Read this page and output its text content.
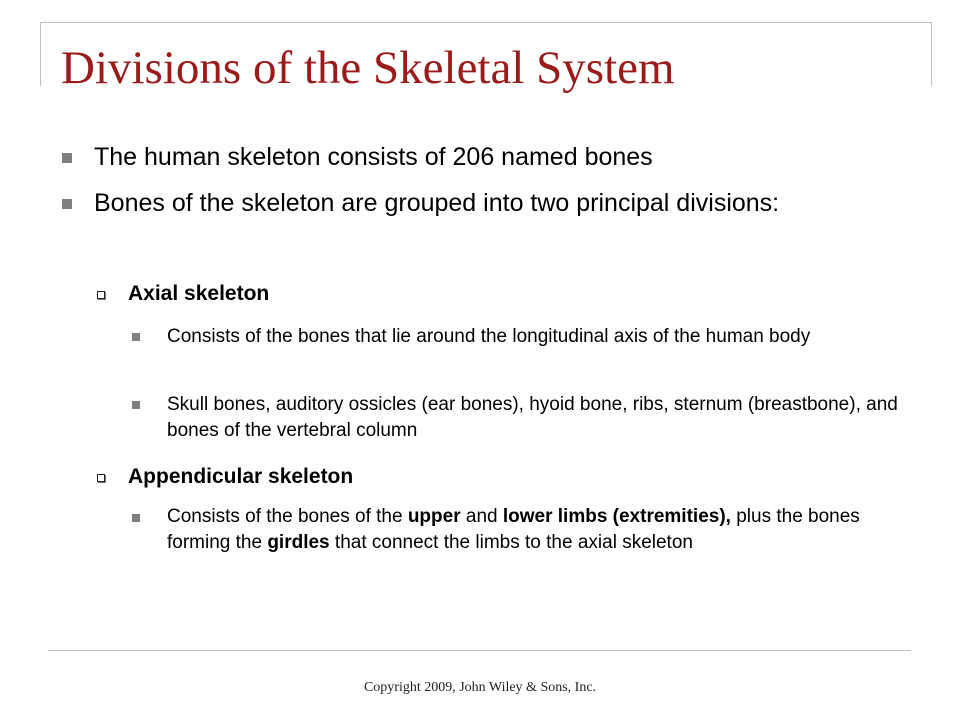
Divisions of the Skeletal System

The human skeleton consists of 206 named bones

Bones of the skeleton are grouped into two principal divisions:

Axial skeleton

Consists of the bones that lie around the longitudinal axis of the human body

Skull bones, auditory ossicles (ear bones), hyoid bone, ribs, sternum (breastbone), and bones of the vertebral column

Appendicular skeleton

Consists of the bones of the upper and lower limbs (extremities), plus the bones forming the girdles that connect the limbs to the axial skeleton

Copyright 2009, John Wiley & Sons, Inc.
